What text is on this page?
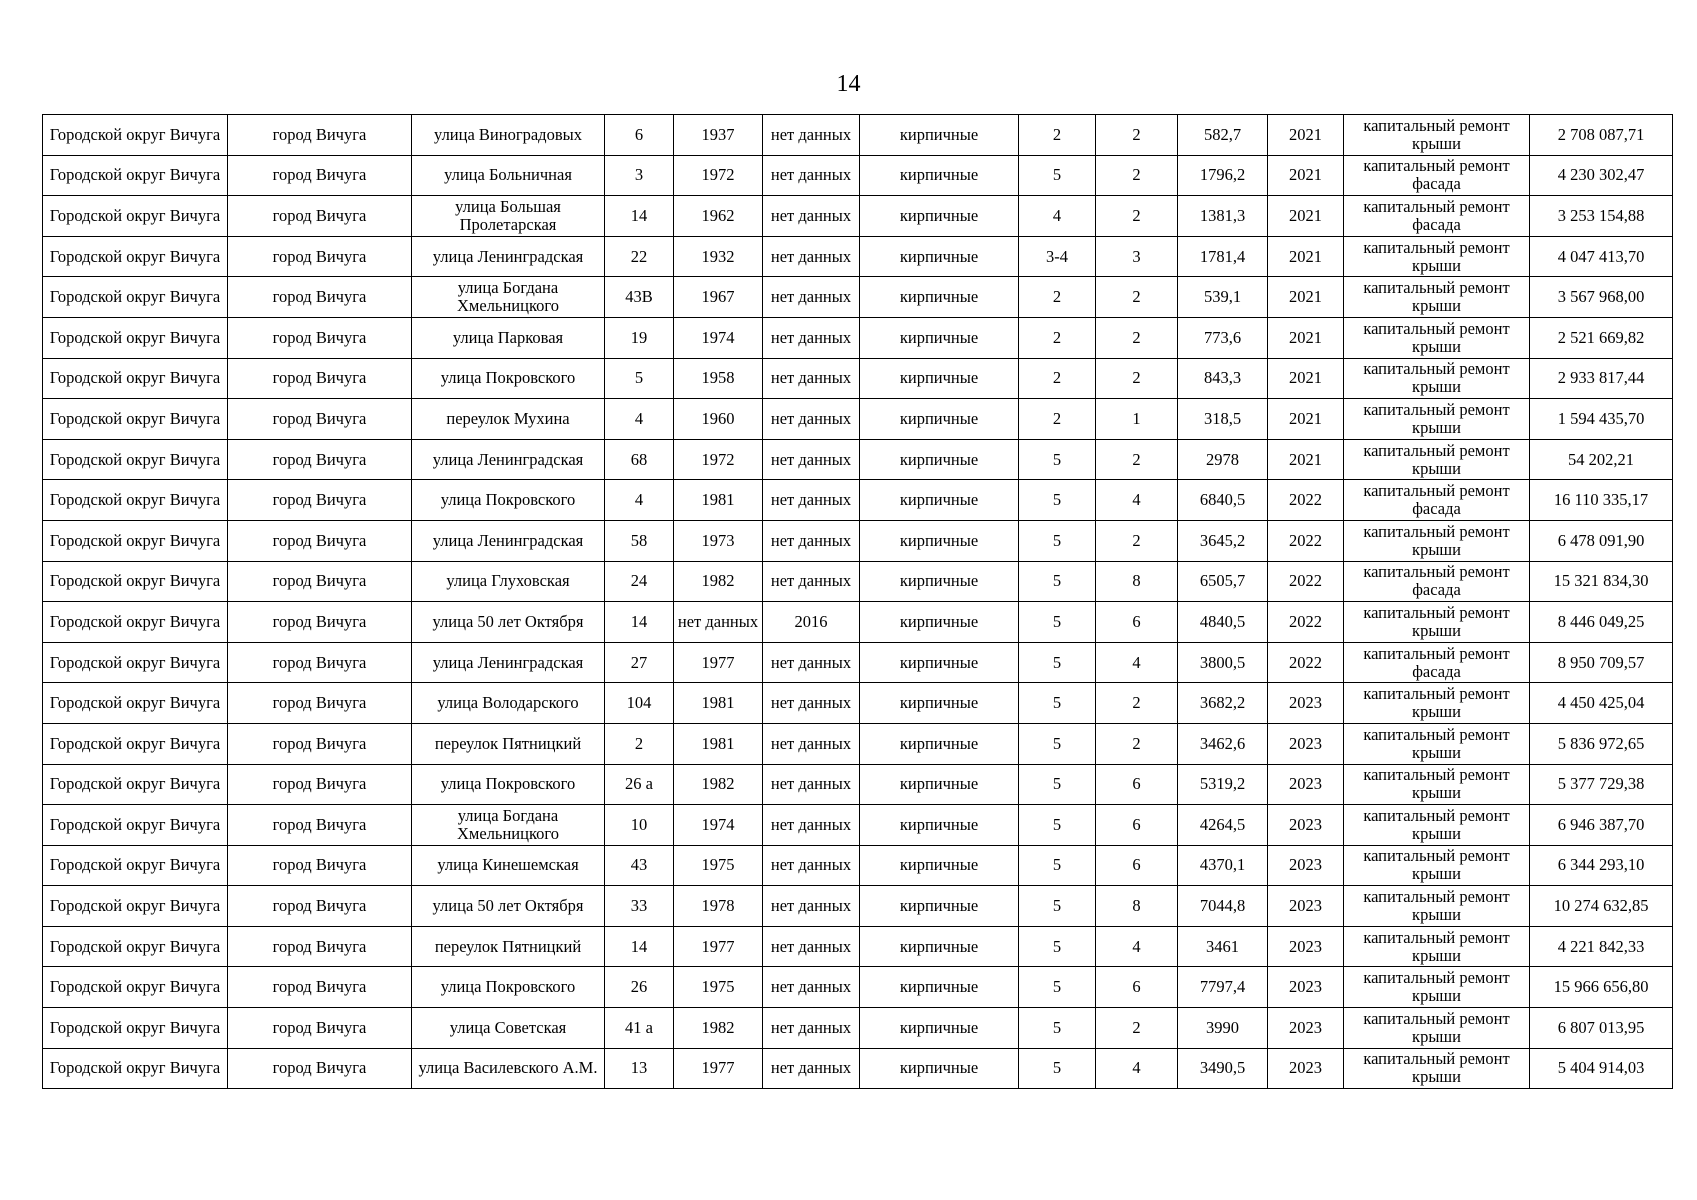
14
Городской округ Вичуга	город Вичуга	улица Виноградовых	6	1937	нет данных	кирпичные	2	2	582,7	2021	капитальный ремонт крыши	2 708 087,71
Городской округ Вичуга	город Вичуга	улица Больничная	3	1972	нет данных	кирпичные	5	2	1796,2	2021	капитальный ремонт фасада	4 230 302,47
Городской округ Вичуга	город Вичуга	улица Большая Пролетарская	14	1962	нет данных	кирпичные	4	2	1381,3	2021	капитальный ремонт фасада	3 253 154,88
Городской округ Вичуга	город Вичуга	улица Ленинградская	22	1932	нет данных	кирпичные	3-4	3	1781,4	2021	капитальный ремонт крыши	4 047 413,70
Городской округ Вичуга	город Вичуга	улица Богдана Хмельницкого	43В	1967	нет данных	кирпичные	2	2	539,1	2021	капитальный ремонт крыши	3 567 968,00
Городской округ Вичуга	город Вичуга	улица Парковая	19	1974	нет данных	кирпичные	2	2	773,6	2021	капитальный ремонт крыши	2 521 669,82
Городской округ Вичуга	город Вичуга	улица Покровского	5	1958	нет данных	кирпичные	2	2	843,3	2021	капитальный ремонт крыши	2 933 817,44
Городской округ Вичуга	город Вичуга	переулок Мухина	4	1960	нет данных	кирпичные	2	1	318,5	2021	капитальный ремонт крыши	1 594 435,70
Городской округ Вичуга	город Вичуга	улица Ленинградская	68	1972	нет данных	кирпичные	5	2	2978	2021	капитальный ремонт крыши	54 202,21
Городской округ Вичуга	город Вичуга	улица Покровского	4	1981	нет данных	кирпичные	5	4	6840,5	2022	капитальный ремонт фасада	16 110 335,17
Городской округ Вичуга	город Вичуга	улица Ленинградская	58	1973	нет данных	кирпичные	5	2	3645,2	2022	капитальный ремонт крыши	6 478 091,90
Городской округ Вичуга	город Вичуга	улица Глуховская	24	1982	нет данных	кирпичные	5	8	6505,7	2022	капитальный ремонт фасада	15 321 834,30
Городской округ Вичуга	город Вичуга	улица 50 лет Октября	14	нет данных	2016	кирпичные	5	6	4840,5	2022	капитальный ремонт крыши	8 446 049,25
Городской округ Вичуга	город Вичуга	улица Ленинградская	27	1977	нет данных	кирпичные	5	4	3800,5	2022	капитальный ремонт фасада	8 950 709,57
Городской округ Вичуга	город Вичуга	улица Володарского	104	1981	нет данных	кирпичные	5	2	3682,2	2023	капитальный ремонт крыши	4 450 425,04
Городской округ Вичуга	город Вичуга	переулок Пятницкий	2	1981	нет данных	кирпичные	5	2	3462,6	2023	капитальный ремонт крыши	5 836 972,65
Городской округ Вичуга	город Вичуга	улица Покровского	26 а	1982	нет данных	кирпичные	5	6	5319,2	2023	капитальный ремонт крыши	5 377 729,38
Городской округ Вичуга	город Вичуга	улица Богдана Хмельницкого	10	1974	нет данных	кирпичные	5	6	4264,5	2023	капитальный ремонт крыши	6 946 387,70
Городской округ Вичуга	город Вичуга	улица Кинешемская	43	1975	нет данных	кирпичные	5	6	4370,1	2023	капитальный ремонт крыши	6 344 293,10
Городской округ Вичуга	город Вичуга	улица 50 лет Октября	33	1978	нет данных	кирпичные	5	8	7044,8	2023	капитальный ремонт крыши	10 274 632,85
Городской округ Вичуга	город Вичуга	переулок Пятницкий	14	1977	нет данных	кирпичные	5	4	3461	2023	капитальный ремонт крыши	4 221 842,33
Городской округ Вичуга	город Вичуга	улица Покровского	26	1975	нет данных	кирпичные	5	6	7797,4	2023	капитальный ремонт крыши	15 966 656,80
Городской округ Вичуга	город Вичуга	улица Советская	41 а	1982	нет данных	кирпичные	5	2	3990	2023	капитальный ремонт крыши	6 807 013,95
Городской округ Вичуга	город Вичуга	улица Василевского А.М.	13	1977	нет данных	кирпичные	5	4	3490,5	2023	капитальный ремонт крыши	5 404 914,03
